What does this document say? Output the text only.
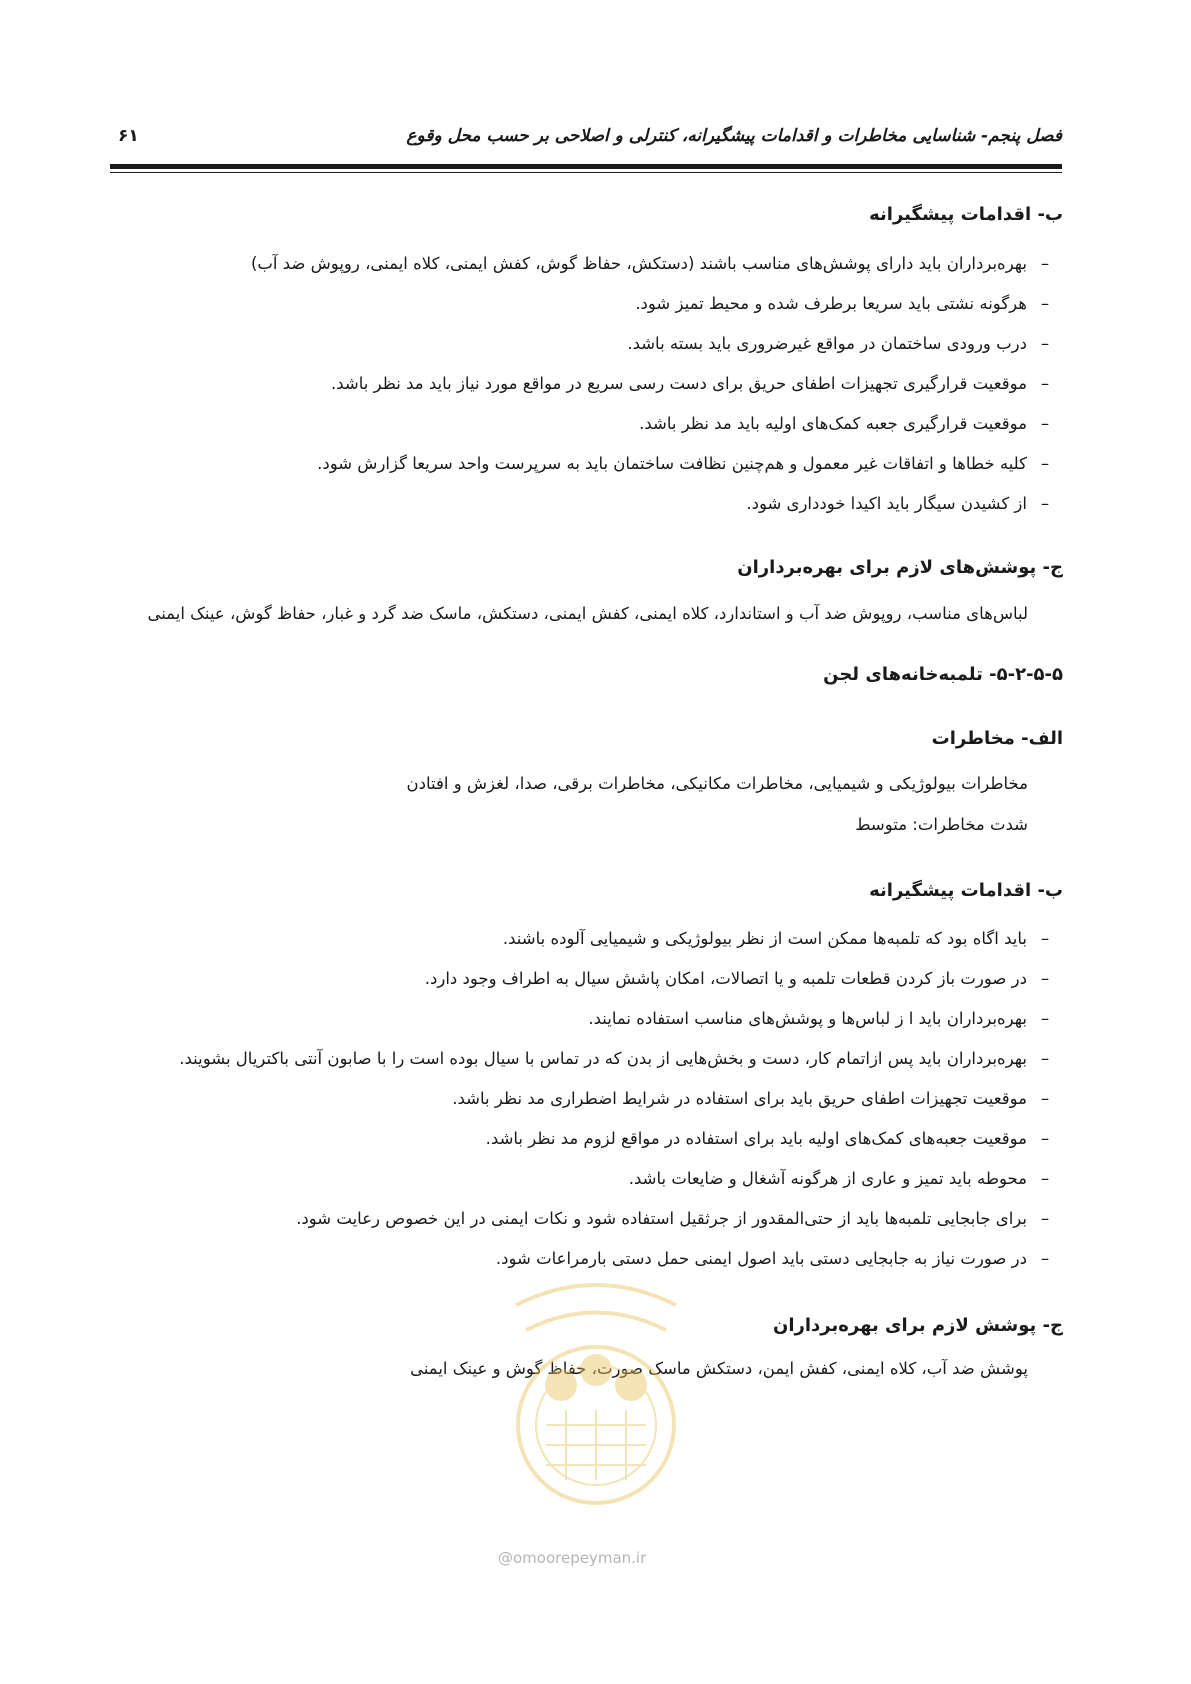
فصل پنجم- شناسایی مخاطرات و اقدامات پیشگیرانه، کنترلی و اصلاحی بر حسب محل وقوع
۶۱
ب- اقدامات پیشگیرانه
–
بهره‌برداران باید دارای پوشش‌های مناسب باشند (دستکش، حفاظ گوش، کفش ایمنی، کلاه ایمنی، روپوش ضد آب)
–
هرگونه نشتی باید سریعا برطرف شده و محیط تمیز شود.
–
درب ورودی ساختمان در مواقع غیرضروری باید بسته باشد.
–
موقعیت قرارگیری تجهیزات اطفای حریق برای دست رسی سریع در مواقع مورد نیاز باید مد نظر باشد.
–
موقعیت قرارگیری جعبه کمک‌های اولیه باید مد نظر باشد.
–
کلیه خطاها و اتفاقات غیر معمول و هم‌چنین نظافت ساختمان باید به سرپرست واحد سریعا گزارش شود.
–
از کشیدن سیگار باید اکیدا خودداری شود.
ج- پوشش‌های لازم برای بهره‌برداران
لباس‌های مناسب، روپوش ضد آب و استاندارد، کلاه ایمنی، کفش ایمنی، دستکش، ماسک ضد گرد و غبار، حفاظ گوش، عینک ایمنی
۵-۲-۵-۵- تلمبه‌خانه‌های لجن
الف- مخاطرات
مخاطرات بیولوژیکی و شیمیایی، مخاطرات مکانیکی، مخاطرات برقی، صدا، لغزش و افتادن
شدت مخاطرات: متوسط
ب- اقدامات پیشگیرانه
–
باید اگاه بود که تلمبه‌ها ممکن است از نظر بیولوژیکی و شیمیایی آلوده باشند.
–
در صورت باز کردن قطعات تلمبه و یا اتصالات، امکان پاشش سیال به اطراف وجود دارد.
–
بهره‌برداران باید ا ز لباس‌ها و پوشش‌های مناسب استفاده نمایند.
–
بهره‌برداران باید پس ازاتمام کار، دست و بخش‌هایی از بدن که در تماس با سیال بوده است را با صابون آنتی باکتریال بشویند.
–
موقعیت تجهیزات اطفای حریق باید برای استفاده در شرایط اضطراری مد نظر باشد.
–
موقعیت جعبه‌های کمک‌های اولیه باید برای استفاده در مواقع لزوم مد نظر باشد.
–
محوطه باید تمیز و عاری از هرگونه آشغال و ضایعات باشد.
–
برای جابجایی تلمبه‌ها باید از حتی‌المقدور از جرثقیل استفاده شود و نکات ایمنی در این خصوص رعایت شود.
–
در صورت نیاز به جابجایی دستی باید اصول ایمنی حمل دستی بارمراعات شود.
ج- پوشش لازم برای بهره‌برداران
پوشش ضد آب، کلاه ایمنی، کفش ایمن، دستکش ماسک صورت، حفاظ گوش و عینک ایمنی
@omoorepeyman.ir
